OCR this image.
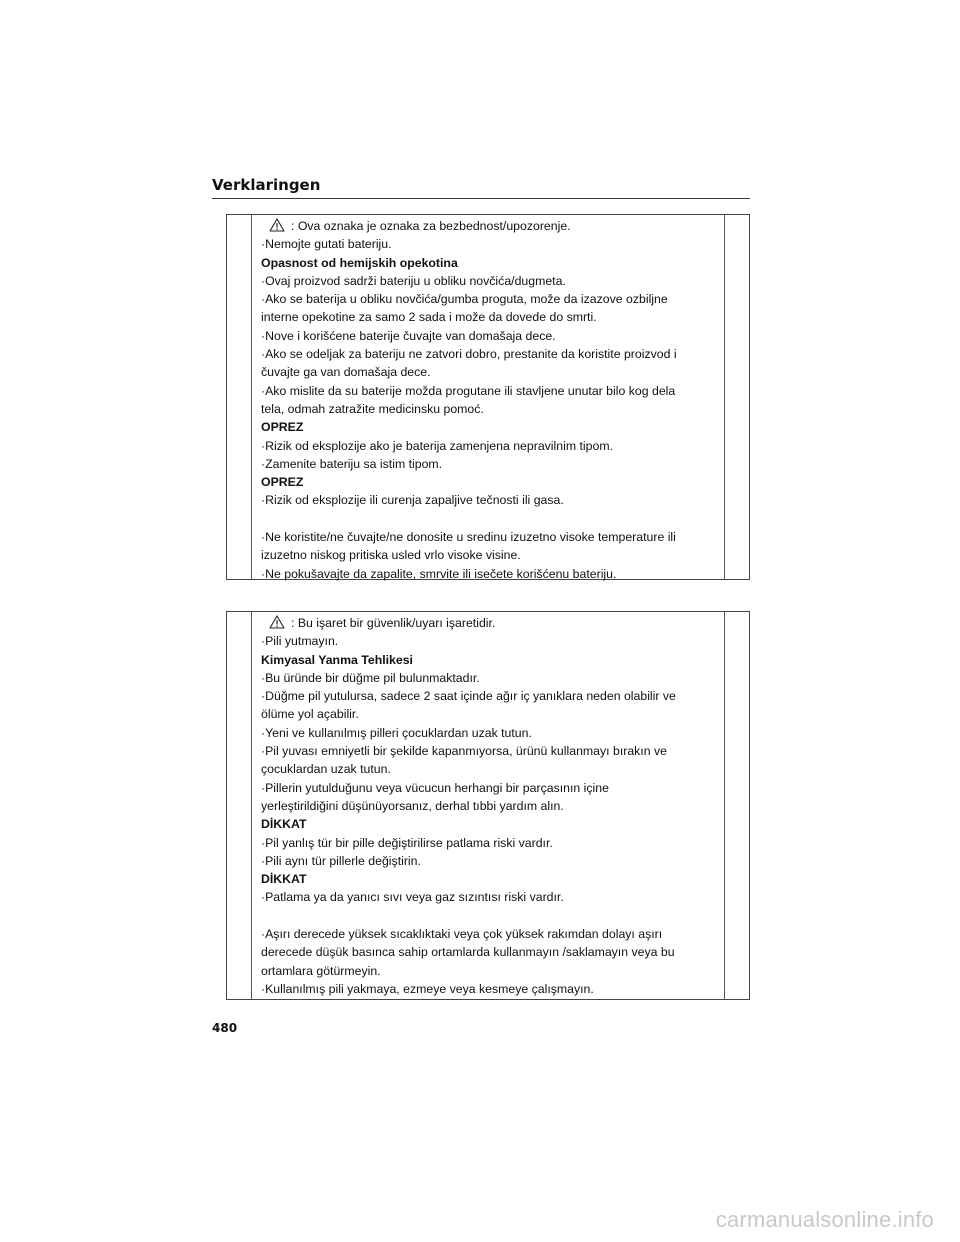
Verklaringen
: Ova oznaka je oznaka za bezbednost/upozorenje.
·Nemojte gutati bateriju.
Opasnost od hemijskih opekotina
·Ovaj proizvod sadrži bateriju u obliku novčića/dugmeta.
·Ako se baterija u obliku novčića/gumba proguta, može da izazove ozbiljne
interne opekotine za samo 2 sada i može da dovede do smrti.
·Nove i korišćene baterije čuvajte van domašaja dece.
·Ako se odeljak za bateriju ne zatvori dobro, prestanite da koristite proizvod i
čuvajte ga van domašaja dece.
·Ako mislite da su baterije možda progutane ili stavljene unutar bilo kog dela
tela, odmah zatražite medicinsku pomoć.
OPREZ
·Rizik od eksplozije ako je baterija zamenjena nepravilnim tipom.
·Zamenite bateriju sa istim tipom.
OPREZ
·Rizik od eksplozije ili curenja zapaljive tečnosti ili gasa.
·Ne koristite/ne čuvajte/ne donosite u sredinu izuzetno visoke temperature ili
izuzetno niskog pritiska usled vrlo visoke visine.
·Ne pokušavajte da zapalite, smrvite ili isečete korišćenu bateriju.
: Bu işaret bir güvenlik/uyarı işaretidir.
·Pili yutmayın.
Kimyasal Yanma Tehlikesi
·Bu üründe bir düğme pil bulunmaktadır.
·Düğme pil yutulursa, sadece 2 saat içinde ağır iç yanıklara neden olabilir ve
ölüme yol açabilir.
·Yeni ve kullanılmış pilleri çocuklardan uzak tutun.
·Pil yuvası emniyetli bir şekilde kapanmıyorsa, ürünü kullanmayı bırakın ve
çocuklardan uzak tutun.
·Pillerin yutulduğunu veya vücucun herhangi bir parçasının içine
yerleştirildiğini düşünüyorsanız, derhal tıbbi yardım alın.
DİKKAT
·Pil yanlış tür bir pille değiştirilirse patlama riski vardır.
·Pili aynı tür pillerle değiştirin.
DİKKAT
·Patlama ya da yanıcı sıvı veya gaz sızıntısı riski vardır.
·Aşırı derecede yüksek sıcaklıktaki veya çok yüksek rakımdan dolayı aşırı
derecede düşük basınca sahip ortamlarda kullanmayın /saklamayın veya bu
ortamlara götürmeyin.
·Kullanılmış pili yakmaya, ezmeye veya kesmeye çalışmayın.
480
carmanualsonline.info
